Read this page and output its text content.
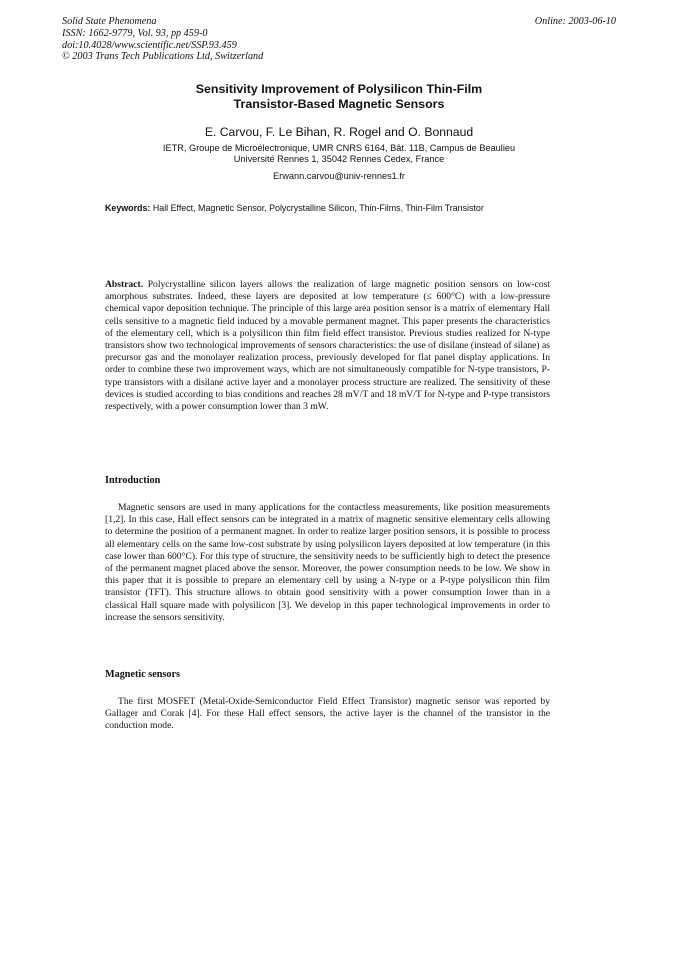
Solid State Phenomena
ISSN: 1662-9779, Vol. 93, pp 459-0
doi:10.4028/www.scientific.net/SSP.93.459
© 2003 Trans Tech Publications Ltd, Switzerland
Online: 2003-06-10
Sensitivity Improvement of Polysilicon Thin-Film
Transistor-Based Magnetic Sensors
E. Carvou, F. Le Bihan, R. Rogel and O. Bonnaud
IETR, Groupe de Microélectronique, UMR CNRS 6164, Bât. 11B, Campus de Beaulieu
Université Rennes 1, 35042 Rennes Cedex, France
Erwann.carvou@univ-rennes1.fr
Keywords: Hall Effect, Magnetic Sensor, Polycrystalline Silicon, Thin-Films, Thin-Film Transistor
Abstract. Polycrystalline silicon layers allows the realization of large magnetic position sensors on low-cost amorphous substrates. Indeed, these layers are deposited at low temperature (≤ 600°C) with a low-pressure chemical vapor deposition technique. The principle of this large area position sensor is a matrix of elementary Hall cells sensitive to a magnetic field induced by a movable permanent magnet. This paper presents the characteristics of the elementary cell, which is a polysilicon thin film field effect transistor. Previous studies realized for N-type transistors show two technological improvements of sensors characteristics: the use of disilane (instead of silane) as precursor gas and the monolayer realization process, previously developed for flat panel display applications. In order to combine these two improvement ways, which are not simultaneously compatible for N-type transistors, P-type transistors with a disilane active layer and a monolayer process structure are realized. The sensitivity of these devices is studied according to bias conditions and reaches 28 mV/T and 18 mV/T for N-type and P-type transistors respectively, with a power consumption lower than 3 mW.
Introduction
Magnetic sensors are used in many applications for the contactless measurements, like position measurements [1,2]. In this case, Hall effect sensors can be integrated in a matrix of magnetic sensitive elementary cells allowing to determine the position of a permanent magnet. In order to realize larger position sensors, it is possible to process all elementary cells on the same low-cost substrate by using polysilicon layers deposited at low temperature (in this case lower than 600°C). For this type of structure, the sensitivity needs to be sufficiently high to detect the presence of the permanent magnet placed above the sensor. Moreover, the power consumption needs to be low. We show in this paper that it is possible to prepare an elementary cell by using a N-type or a P-type polysilicon thin film transistor (TFT). This structure allows to obtain good sensitivity with a power consumption lower than in a classical Hall square made with polysilicon [3]. We develop in this paper technological improvements in order to increase the sensors sensitivity.
Magnetic sensors
The first MOSFET (Metal-Oxide-Semiconductor Field Effect Transistor) magnetic sensor was reported by Gallager and Corak [4]. For these Hall effect sensors, the active layer is the channel of the transistor in the conduction mode.
